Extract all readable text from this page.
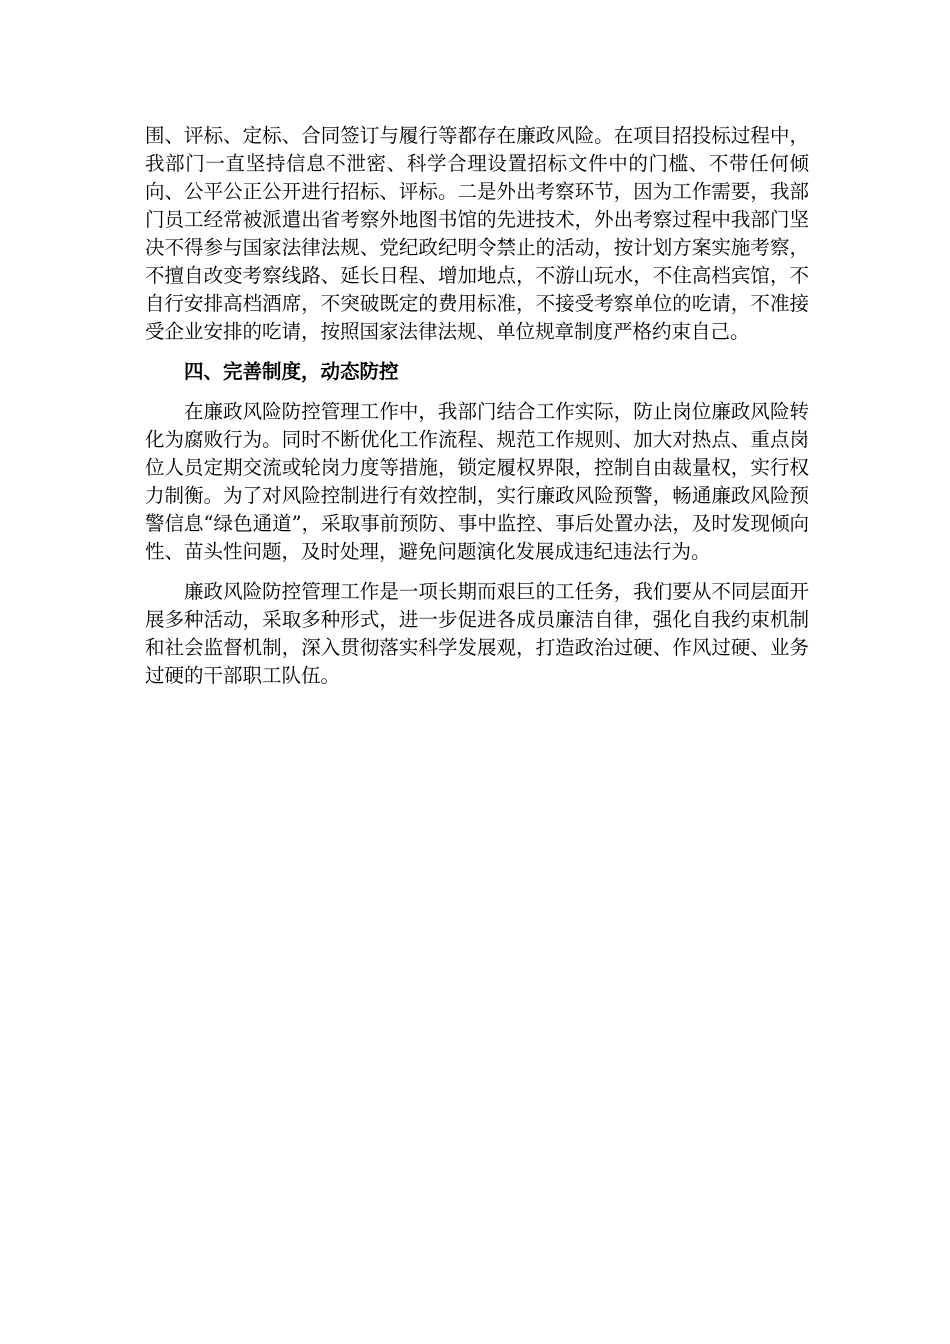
围、评标、定标、合同签订与履行等都存在廉政风险。在项目招投标过程中，我部门一直坚持信息不泄密、科学合理设置招标文件中的门槛、不带任何倾向、公平公正公开进行招标、评标。二是外出考察环节，因为工作需要，我部门员工经常被派遣出省考察外地图书馆的先进技术，外出考察过程中我部门坚决不得参与国家法律法规、党纪政纪明令禁止的活动，按计划方案实施考察，不擅自改变考察线路、延长日程、增加地点，不游山玩水，不住高档宾馆，不自行安排高档酒席，不突破既定的费用标准，不接受考察单位的吃请，不准接受企业安排的吃请，按照国家法律法规、单位规章制度严格约束自己。

四、完善制度，动态防控

在廉政风险防控管理工作中，我部门结合工作实际，防止岗位廉政风险转化为腐败行为。同时不断优化工作流程、规范工作规则、加大对热点、重点岗位人员定期交流或轮岗力度等措施，锁定履权界限，控制自由裁量权，实行权力制衡。为了对风险控制进行有效控制，实行廉政风险预警，畅通廉政风险预警信息“绿色通道”，采取事前预防、事中监控、事后处置办法，及时发现倾向性、苗头性问题，及时处理，避免问题演化发展成违纪违法行为。

廉政风险防控管理工作是一项长期而艰巨的工任务，我们要从不同层面开展多种活动，采取多种形式，进一步促进各成员廉洁自律，强化自我约束机制和社会监督机制，深入贯彻落实科学发展观，打造政治过硬、作风过硬、业务过硬的干部职工队伍。
